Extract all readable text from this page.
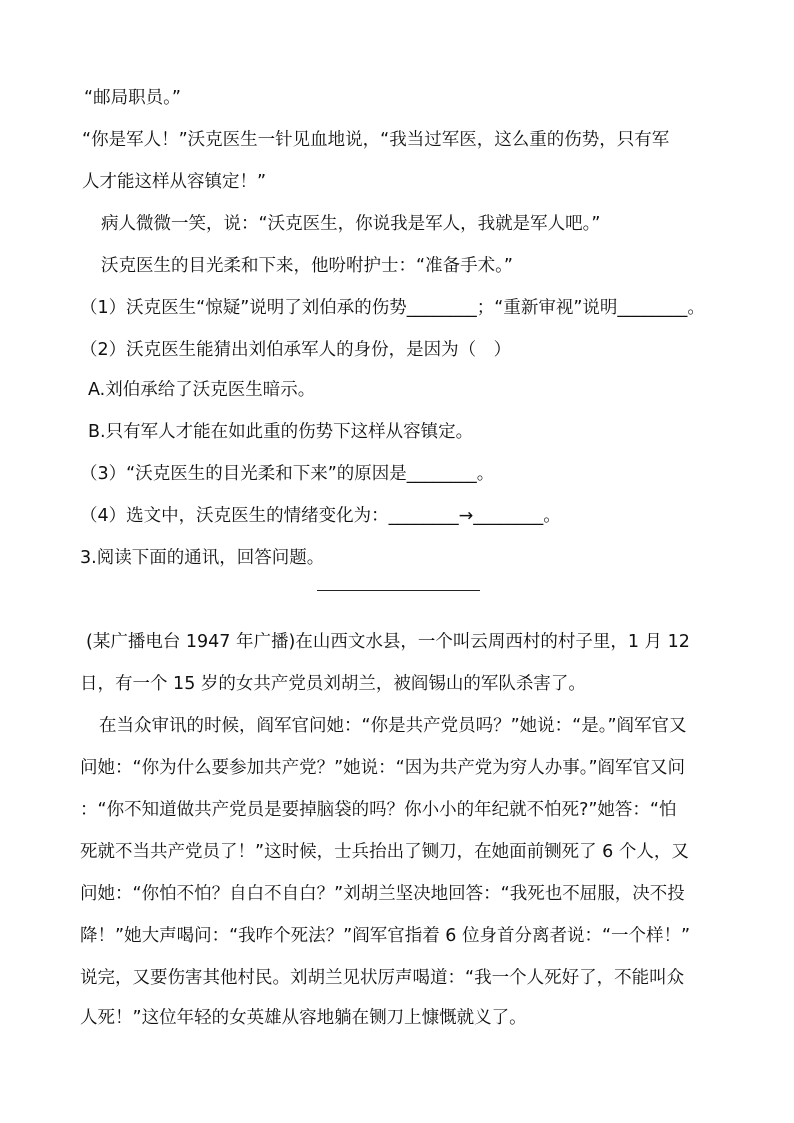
“邮局职员。”
“你是军人！”沃克医生一针见血地说，“我当过军医，这么重的伤势，只有军
人才能这样从容镇定！”
病人微微一笑，说：“沃克医生，你说我是军人，我就是军人吧。”
沃克医生的目光柔和下来，他吩咐护士：“准备手术。”
（1）沃克医生“惊疑”说明了刘伯承的伤势________；“重新审视”说明________。
（2）沃克医生能猜出刘伯承军人的身份，是因为（　）
A.刘伯承给了沃克医生暗示。
B.只有军人才能在如此重的伤势下这样从容镇定。
（3）“沃克医生的目光柔和下来”的原因是________。
（4）选文中，沃克医生的情绪变化为：________→________。
3.阅读下面的通讯，回答问题。
(某广播电台 1947 年广播)在山西文水县，一个叫云周西村的村子里，1 月 12
日，有一个 15 岁的女共产党员刘胡兰，被阎锡山的军队杀害了。
在当众审讯的时候，阎军官问她：“你是共产党员吗？”她说：“是。”阎军官又
问她：“你为什么要参加共产党？”她说：“因为共产党为穷人办事。”阎军官又问
：“你不知道做共产党员是要掉脑袋的吗？你小小的年纪就不怕死?”她答：“怕
死就不当共产党员了！”这时候，士兵抬出了铡刀，在她面前铡死了 6 个人，又
问她：“你怕不怕？自白不自白？”刘胡兰坚决地回答：“我死也不屈服，决不投
降！”她大声喝问：“我咋个死法？”阎军官指着 6 位身首分离者说：“一个样！”
说完，又要伤害其他村民。刘胡兰见状厉声喝道：“我一个人死好了，不能叫众
人死！”这位年轻的女英雄从容地躺在铡刀上慷慨就义了。
